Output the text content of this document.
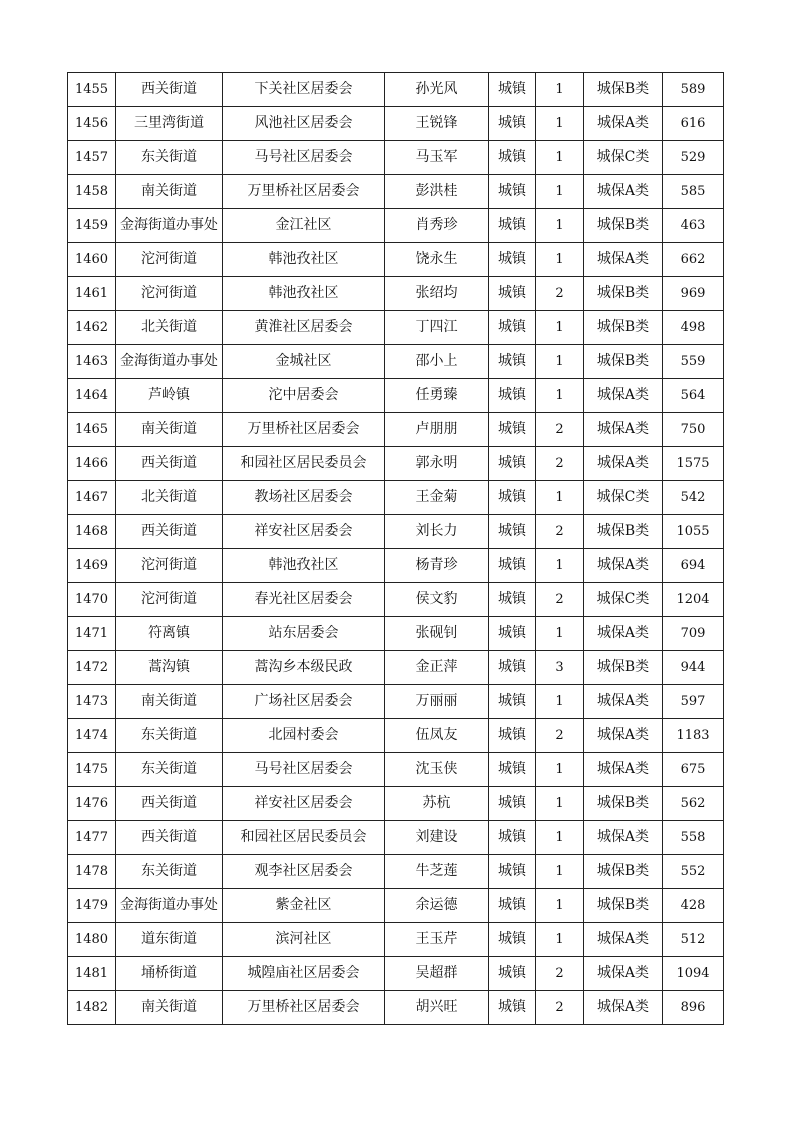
1455	西关街道	下关社区居委会	孙光风	城镇	1	城保B类	589
1456	三里湾街道	风池社区居委会	王锐锋	城镇	1	城保A类	616
1457	东关街道	马号社区居委会	马玉军	城镇	1	城保C类	529
1458	南关街道	万里桥社区居委会	彭洪桂	城镇	1	城保A类	585
1459	金海街道办事处	金江社区	肖秀珍	城镇	1	城保B类	463
1460	沱河街道	韩池孜社区	饶永生	城镇	1	城保A类	662
1461	沱河街道	韩池孜社区	张绍均	城镇	2	城保B类	969
1462	北关街道	黄淮社区居委会	丁四江	城镇	1	城保B类	498
1463	金海街道办事处	金城社区	邵小上	城镇	1	城保B类	559
1464	芦岭镇	沱中居委会	任勇臻	城镇	1	城保A类	564
1465	南关街道	万里桥社区居委会	卢朋朋	城镇	2	城保A类	750
1466	西关街道	和园社区居民委员会	郭永明	城镇	2	城保A类	1575
1467	北关街道	教场社区居委会	王金菊	城镇	1	城保C类	542
1468	西关街道	祥安社区居委会	刘长力	城镇	2	城保B类	1055
1469	沱河街道	韩池孜社区	杨青珍	城镇	1	城保A类	694
1470	沱河街道	春光社区居委会	侯文豹	城镇	2	城保C类	1204
1471	符离镇	站东居委会	张砚钊	城镇	1	城保A类	709
1472	蒿沟镇	蒿沟乡本级民政	金正萍	城镇	3	城保B类	944
1473	南关街道	广场社区居委会	万丽丽	城镇	1	城保A类	597
1474	东关街道	北园村委会	伍凤友	城镇	2	城保A类	1183
1475	东关街道	马号社区居委会	沈玉侠	城镇	1	城保A类	675
1476	西关街道	祥安社区居委会	苏杭	城镇	1	城保B类	562
1477	西关街道	和园社区居民委员会	刘建设	城镇	1	城保A类	558
1478	东关街道	观李社区居委会	牛芝莲	城镇	1	城保B类	552
1479	金海街道办事处	紫金社区	余运德	城镇	1	城保B类	428
1480	道东街道	滨河社区	王玉芹	城镇	1	城保A类	512
1481	埇桥街道	城隍庙社区居委会	吴超群	城镇	2	城保A类	1094
1482	南关街道	万里桥社区居委会	胡兴旺	城镇	2	城保A类	896
